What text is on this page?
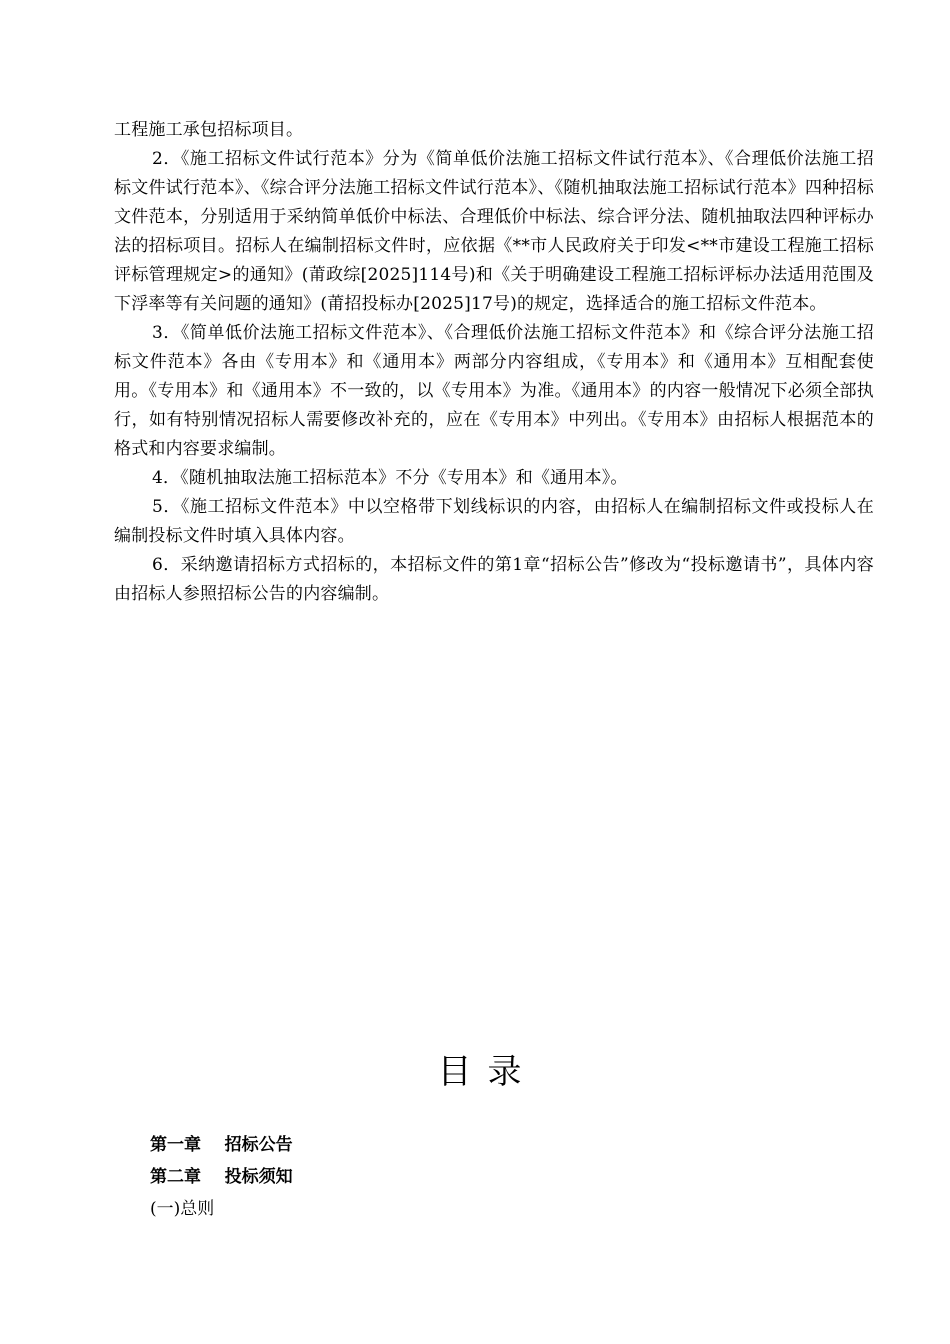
工程施工承包招标项目。

2．《施工招标文件试行范本》分为《简单低价法施工招标文件试行范本》、《合理低价法施工招标文件试行范本》、《综合评分法施工招标文件试行范本》、《随机抽取法施工招标试行范本》四种招标文件范本，分别适用于采纳简单低价中标法、合理低价中标法、综合评分法、随机抽取法四种评标办法的招标项目。招标人在编制招标文件时，应依据《**市人民政府关于印发<**市建设工程施工招标评标管理规定>的通知》(莆政综[2025]114号)和《关于明确建设工程施工招标评标办法适用范围及下浮率等有关问题的通知》(莆招投标办[2025]17号)的规定，选择适合的施工招标文件范本。

3．《简单低价法施工招标文件范本》、《合理低价法施工招标文件范本》和《综合评分法施工招标文件范本》各由《专用本》和《通用本》两部分内容组成，《专用本》和《通用本》互相配套使用。《专用本》和《通用本》不一致的，以《专用本》为准。《通用本》的内容一般情况下必须全部执行，如有特别情况招标人需要修改补充的，应在《专用本》中列出。《专用本》由招标人根据范本的格式和内容要求编制。

4．《随机抽取法施工招标范本》不分《专用本》和《通用本》。

5．《施工招标文件范本》中以空格带下划线标识的内容，由招标人在编制招标文件或投标人在编制投标文件时填入具体内容。

6．采纳邀请招标方式招标的，本招标文件的第1章“招标公告”修改为“投标邀请书”，具体内容由招标人参照招标公告的内容编制。

目录
第一章    招标公告
第二章    投标须知
(一)总则
